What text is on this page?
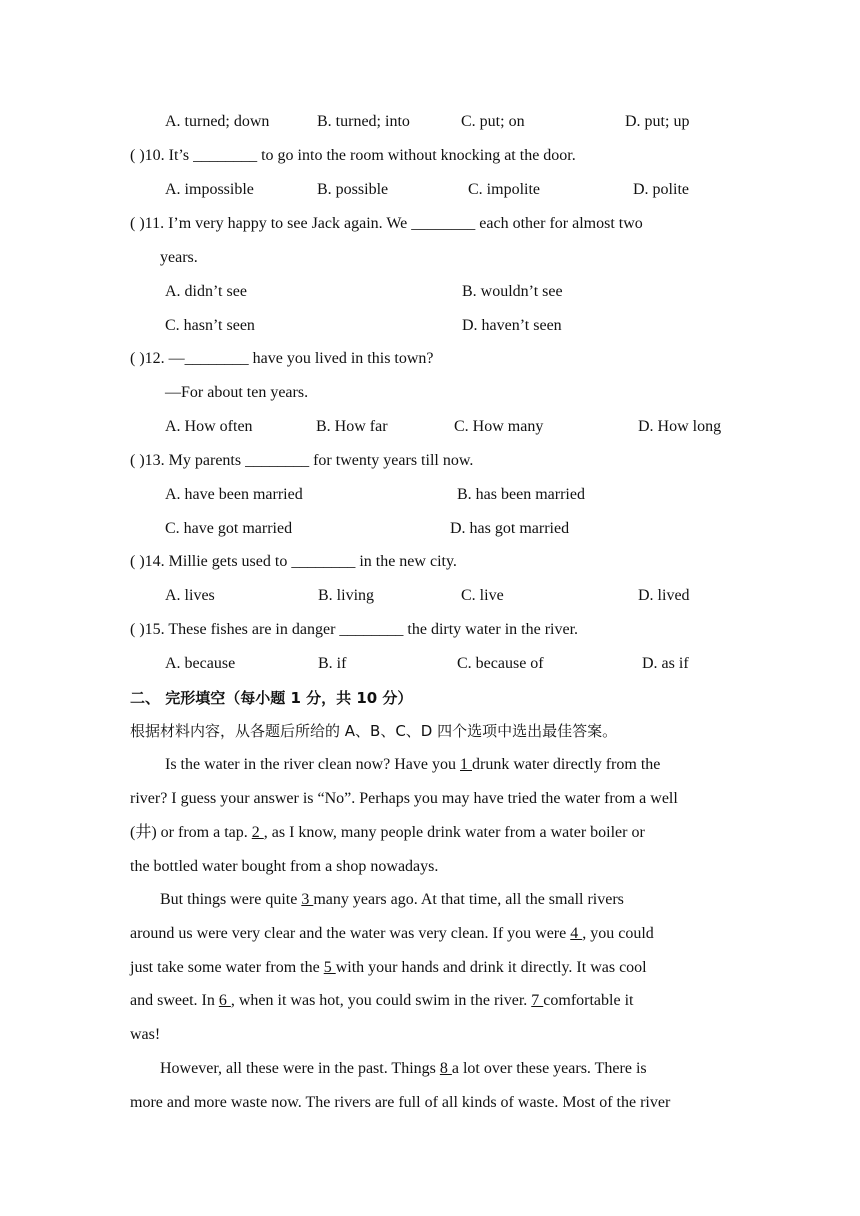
A. turned; down	B. turned; into	C. put; on	D. put; up
( )10. It’s ________ to go into the room without knocking at the door.
A. impossible	B. possible	C. impolite	D. polite
( )11. I’m very happy to see Jack again. We ________ each other for almost two
years.
A. didn’t see	B. wouldn’t see
C. hasn’t seen	D. haven’t seen
( )12. —________ have you lived in this town?
—For about ten years.
A. How often	B. How far	C. How many	D. How long
( )13. My parents ________ for twenty years till now.
A. have been married	B. has been married
C. have got married	D. has got married
( )14. Millie gets used to ________ in the new city.
A. lives	B. living	C. live	D. lived
( )15. These fishes are in danger ________ the dirty water in the river.
A. because	B. if	C. because of	D. as if
二、 完形填空（每小题 1 分，共 10 分）
根据材料内容，从各题后所给的 A、B、C、D 四个选项中选出最佳答案。
Is the water in the river clean now? Have you 1 drunk water directly from the
river? I guess your answer is “No”. Perhaps you may have tried the water from a well
(井) or from a tap. 2 , as I know, many people drink water from a water boiler or
the bottled water bought from a shop nowadays.
But things were quite 3 many years ago. At that time, all the small rivers
around us were very clear and the water was very clean. If you were 4 , you could
just take some water from the 5 with your hands and drink it directly. It was cool
and sweet. In 6 , when it was hot, you could swim in the river. 7 comfortable it
was!
However, all these were in the past. Things 8 a lot over these years. There is
more and more waste now. The rivers are full of all kinds of waste. Most of the river
